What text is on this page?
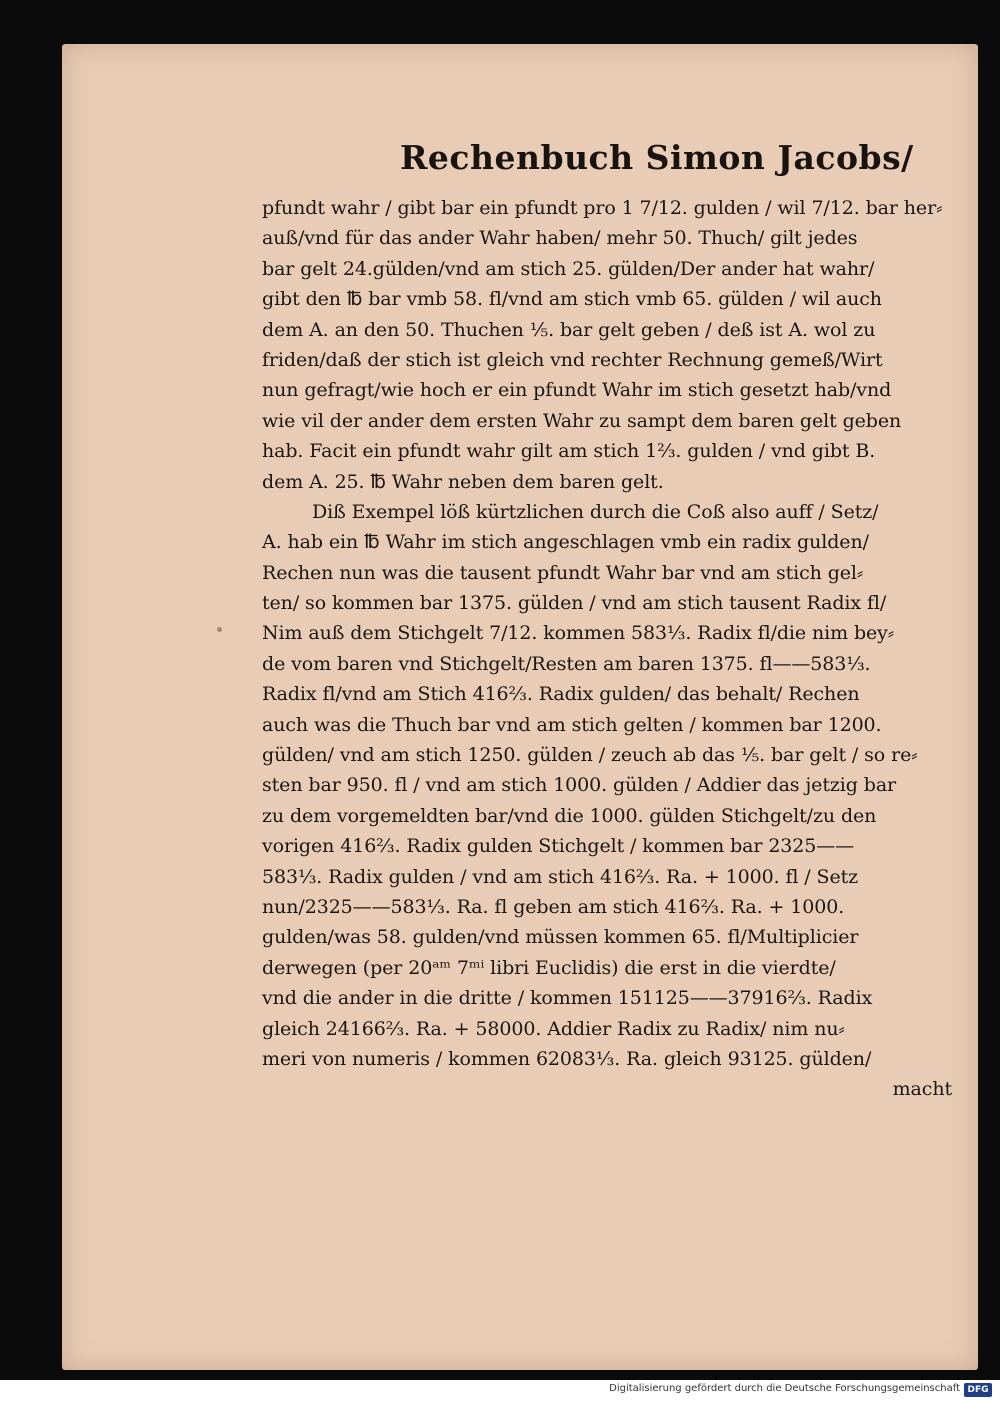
Rechenbuch Simon Jacobs/
pfundt wahr / gibt bar ein pfundt pro 1 7/12. gulden / wil 7/12. bar her⸗
auß/vnd für das ander Wahr haben/ mehr 50. Thuch/ gilt jedes
bar gelt 24.gülden/vnd am stich 25. gülden/Der ander hat wahr/
gibt den ℔ bar vmb 58. fl/vnd am stich vmb 65. gülden / wil auch
dem A. an den 50. Thuchen ⅕. bar gelt geben / deß ist A. wol zu
friden/daß der stich ist gleich vnd rechter Rechnung gemeß/Wirt
nun gefragt/wie hoch er ein pfundt Wahr im stich gesetzt hab/vnd
wie vil der ander dem ersten Wahr zu sampt dem baren gelt geben
hab. Facit ein pfundt wahr gilt am stich 1⅔. gulden / vnd gibt B.
dem A. 25. ℔ Wahr neben dem baren gelt.
Diß Exempel löß kürtzlichen durch die Coß also auff / Setz/
A. hab ein ℔ Wahr im stich angeschlagen vmb ein radix gulden/
Rechen nun was die tausent pfundt Wahr bar vnd am stich gel⸗
ten/ so kommen bar 1375. gülden / vnd am stich tausent Radix fl/
Nim auß dem Stichgelt 7/12. kommen 583⅓. Radix fl/die nim bey⸗
de vom baren vnd Stichgelt/Resten am baren 1375. fl——583⅓.
Radix fl/vnd am Stich 416⅔. Radix gulden/ das behalt/ Rechen
auch was die Thuch bar vnd am stich gelten / kommen bar 1200.
gülden/ vnd am stich 1250. gülden / zeuch ab das ⅕. bar gelt / so re⸗
sten bar 950. fl / vnd am stich 1000. gülden / Addier das jetzig bar
zu dem vorgemeldten bar/vnd die 1000. gülden Stichgelt/zu den
vorigen 416⅔. Radix gulden Stichgelt / kommen bar 2325——
583⅓. Radix gulden / vnd am stich 416⅔. Ra. + 1000. fl / Setz
nun/2325——583⅓. Ra. fl geben am stich 416⅔. Ra. + 1000.
gulden/was 58. gulden/vnd müssen kommen 65. fl/Multiplicier
derwegen (per 20ᵃᵐ 7ᵐⁱ libri Euclidis) die erst in die vierdte/
vnd die ander in die dritte / kommen 151125——37916⅔. Radix
gleich 24166⅔. Ra. + 58000. Addier Radix zu Radix/ nim nu⸗
meri von numeris / kommen 62083⅓. Ra. gleich 93125. gülden/
macht
Digitalisierung gefördert durch die Deutsche Forschungsgemeinschaft DFG
